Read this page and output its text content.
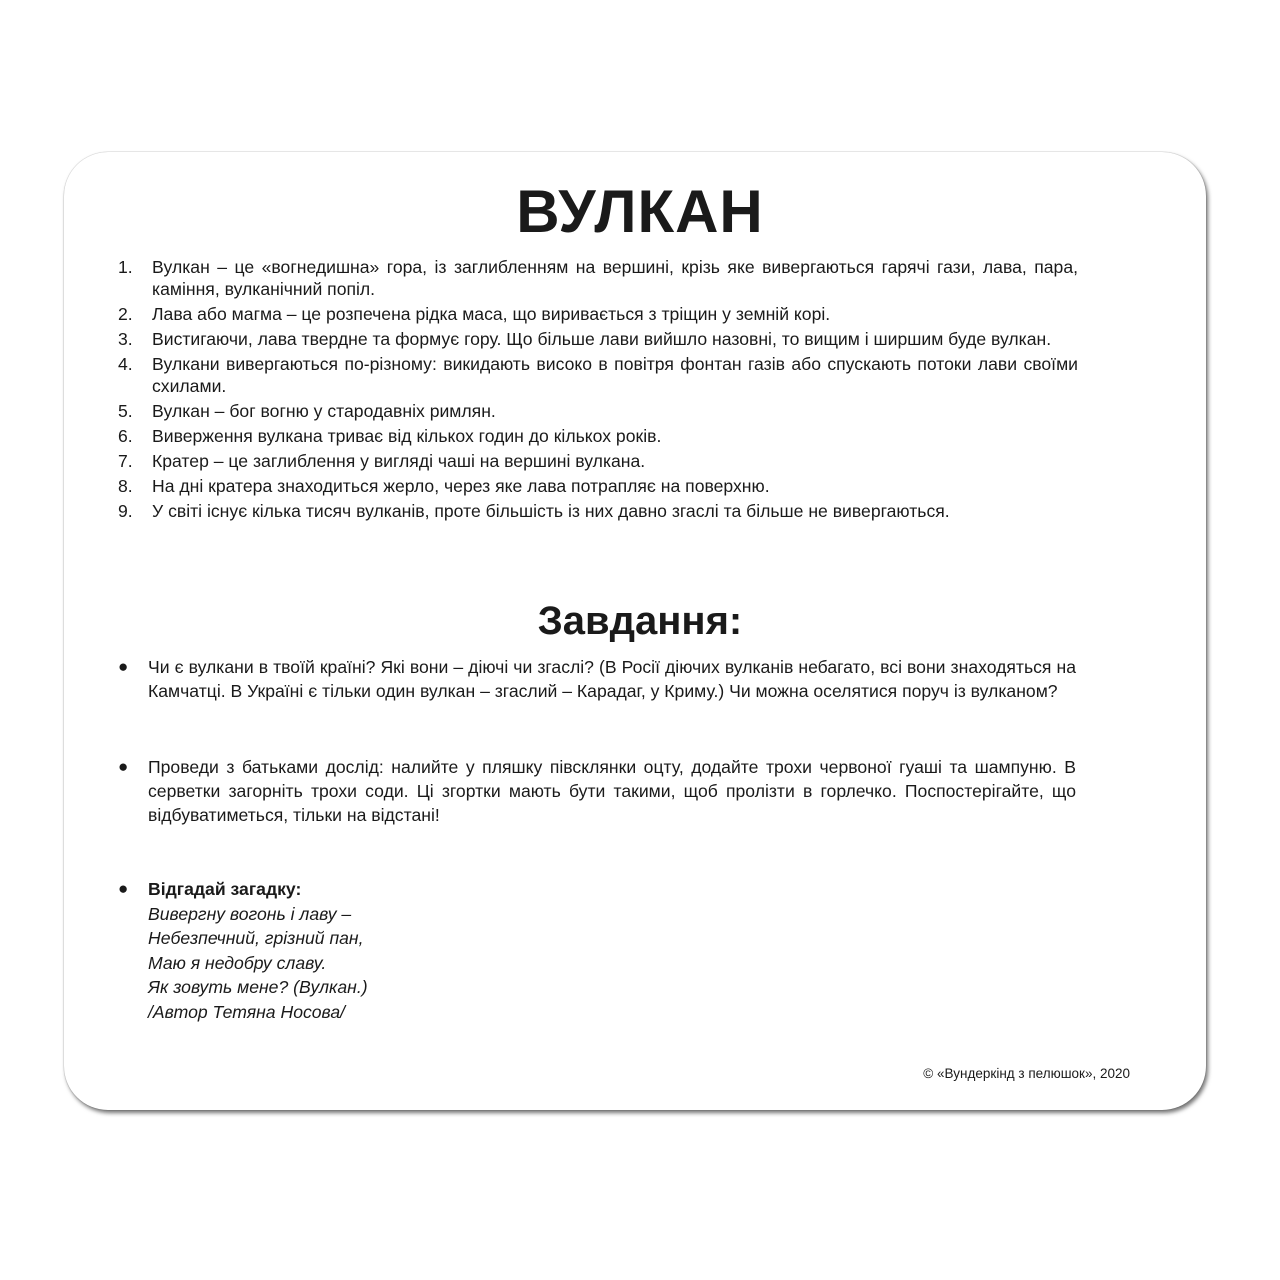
ВУЛКАН
1. Вулкан – це «вогнедишна» гора, із заглибленням на вершині, крізь яке вивергаються гарячі гази, лава, пара, каміння, вулканічний попіл.
2. Лава або магма – це розпечена рідка маса, що виривається з тріщин у земній корі.
3. Вистигаючи, лава твердне та формує гору. Що більше лави вийшло назовні, то вищим і ширшим буде вулкан.
4. Вулкани вивергаються по-різному: викидають високо в повітря фонтан газів або спускають потоки лави своїми схилами.
5. Вулкан – бог вогню у стародавніх римлян.
6. Виверження вулкана триває від кількох годин до кількох років.
7. Кратер – це заглиблення у вигляді чаші на вершині вулкана.
8. На дні кратера знаходиться жерло, через яке лава потрапляє на поверхню.
9. У світі існує кілька тисяч вулканів, проте більшість із них давно згаслі та більше не вивергаються.
Завдання:
●	Чи є вулкани в твоїй країні? Які вони – діючі чи згаслі? (В Росії діючих вулканів небагато, всі вони знаходяться на Камчатці. В Україні є тільки один вулкан – згаслий – Карадаг, у Криму.) Чи можна оселятися поруч із вулканом?
●	Проведи з батьками дослід: налийте у пляшку півсклянки оцту, додайте трохи червоної гуаші та шампуню. В серветки загорніть трохи соди. Ці згортки мають бути такими, щоб пролізти в горлечко. Поспостерігайте, що відбуватиметься, тільки на відстані!
● Відгадай загадку:
Вивергну вогонь і лаву –
Небезпечний, грізний пан,
Маю я недобру славу.
Як зовуть мене? (Вулкан.)
/Автор Тетяна Носова/
© «Вундеркінд з пелюшок», 2020
